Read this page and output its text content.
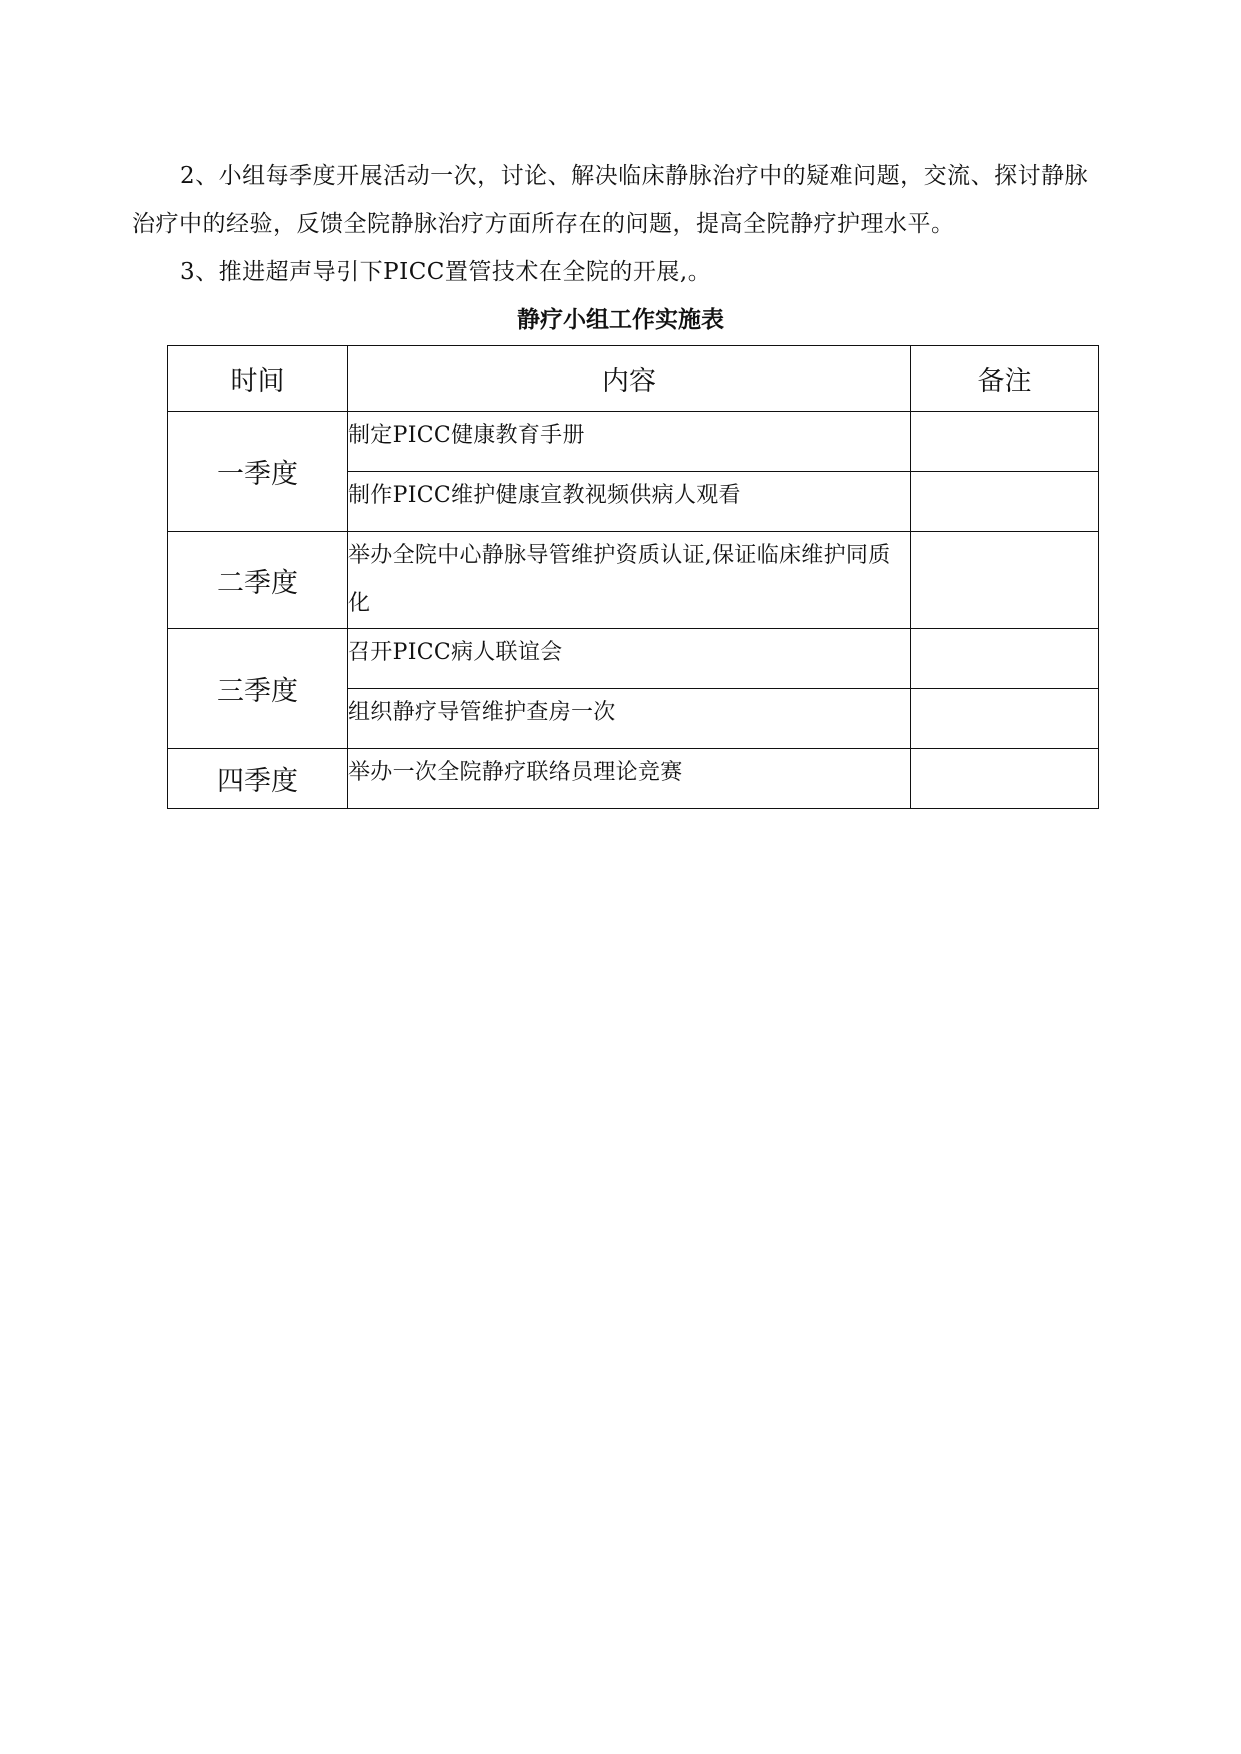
2、小组每季度开展活动一次，讨论、解决临床静脉治疗中的疑难问题，交流、探讨静脉治疗中的经验，反馈全院静脉治疗方面所存在的问题，提高全院静疗护理水平。

3、推进超声导引下PICC置管技术在全院的开展,。

静疗小组工作实施表
时间	内容	备注
一季度	制定PICC健康教育手册	
	制作PICC维护健康宣教视频供病人观看	
二季度	举办全院中心静脉导管维护资质认证,保证临床维护同质化	
三季度	召开PICC病人联谊会	
	组织静疗导管维护查房一次	
四季度	举办一次全院静疗联络员理论竞赛	
